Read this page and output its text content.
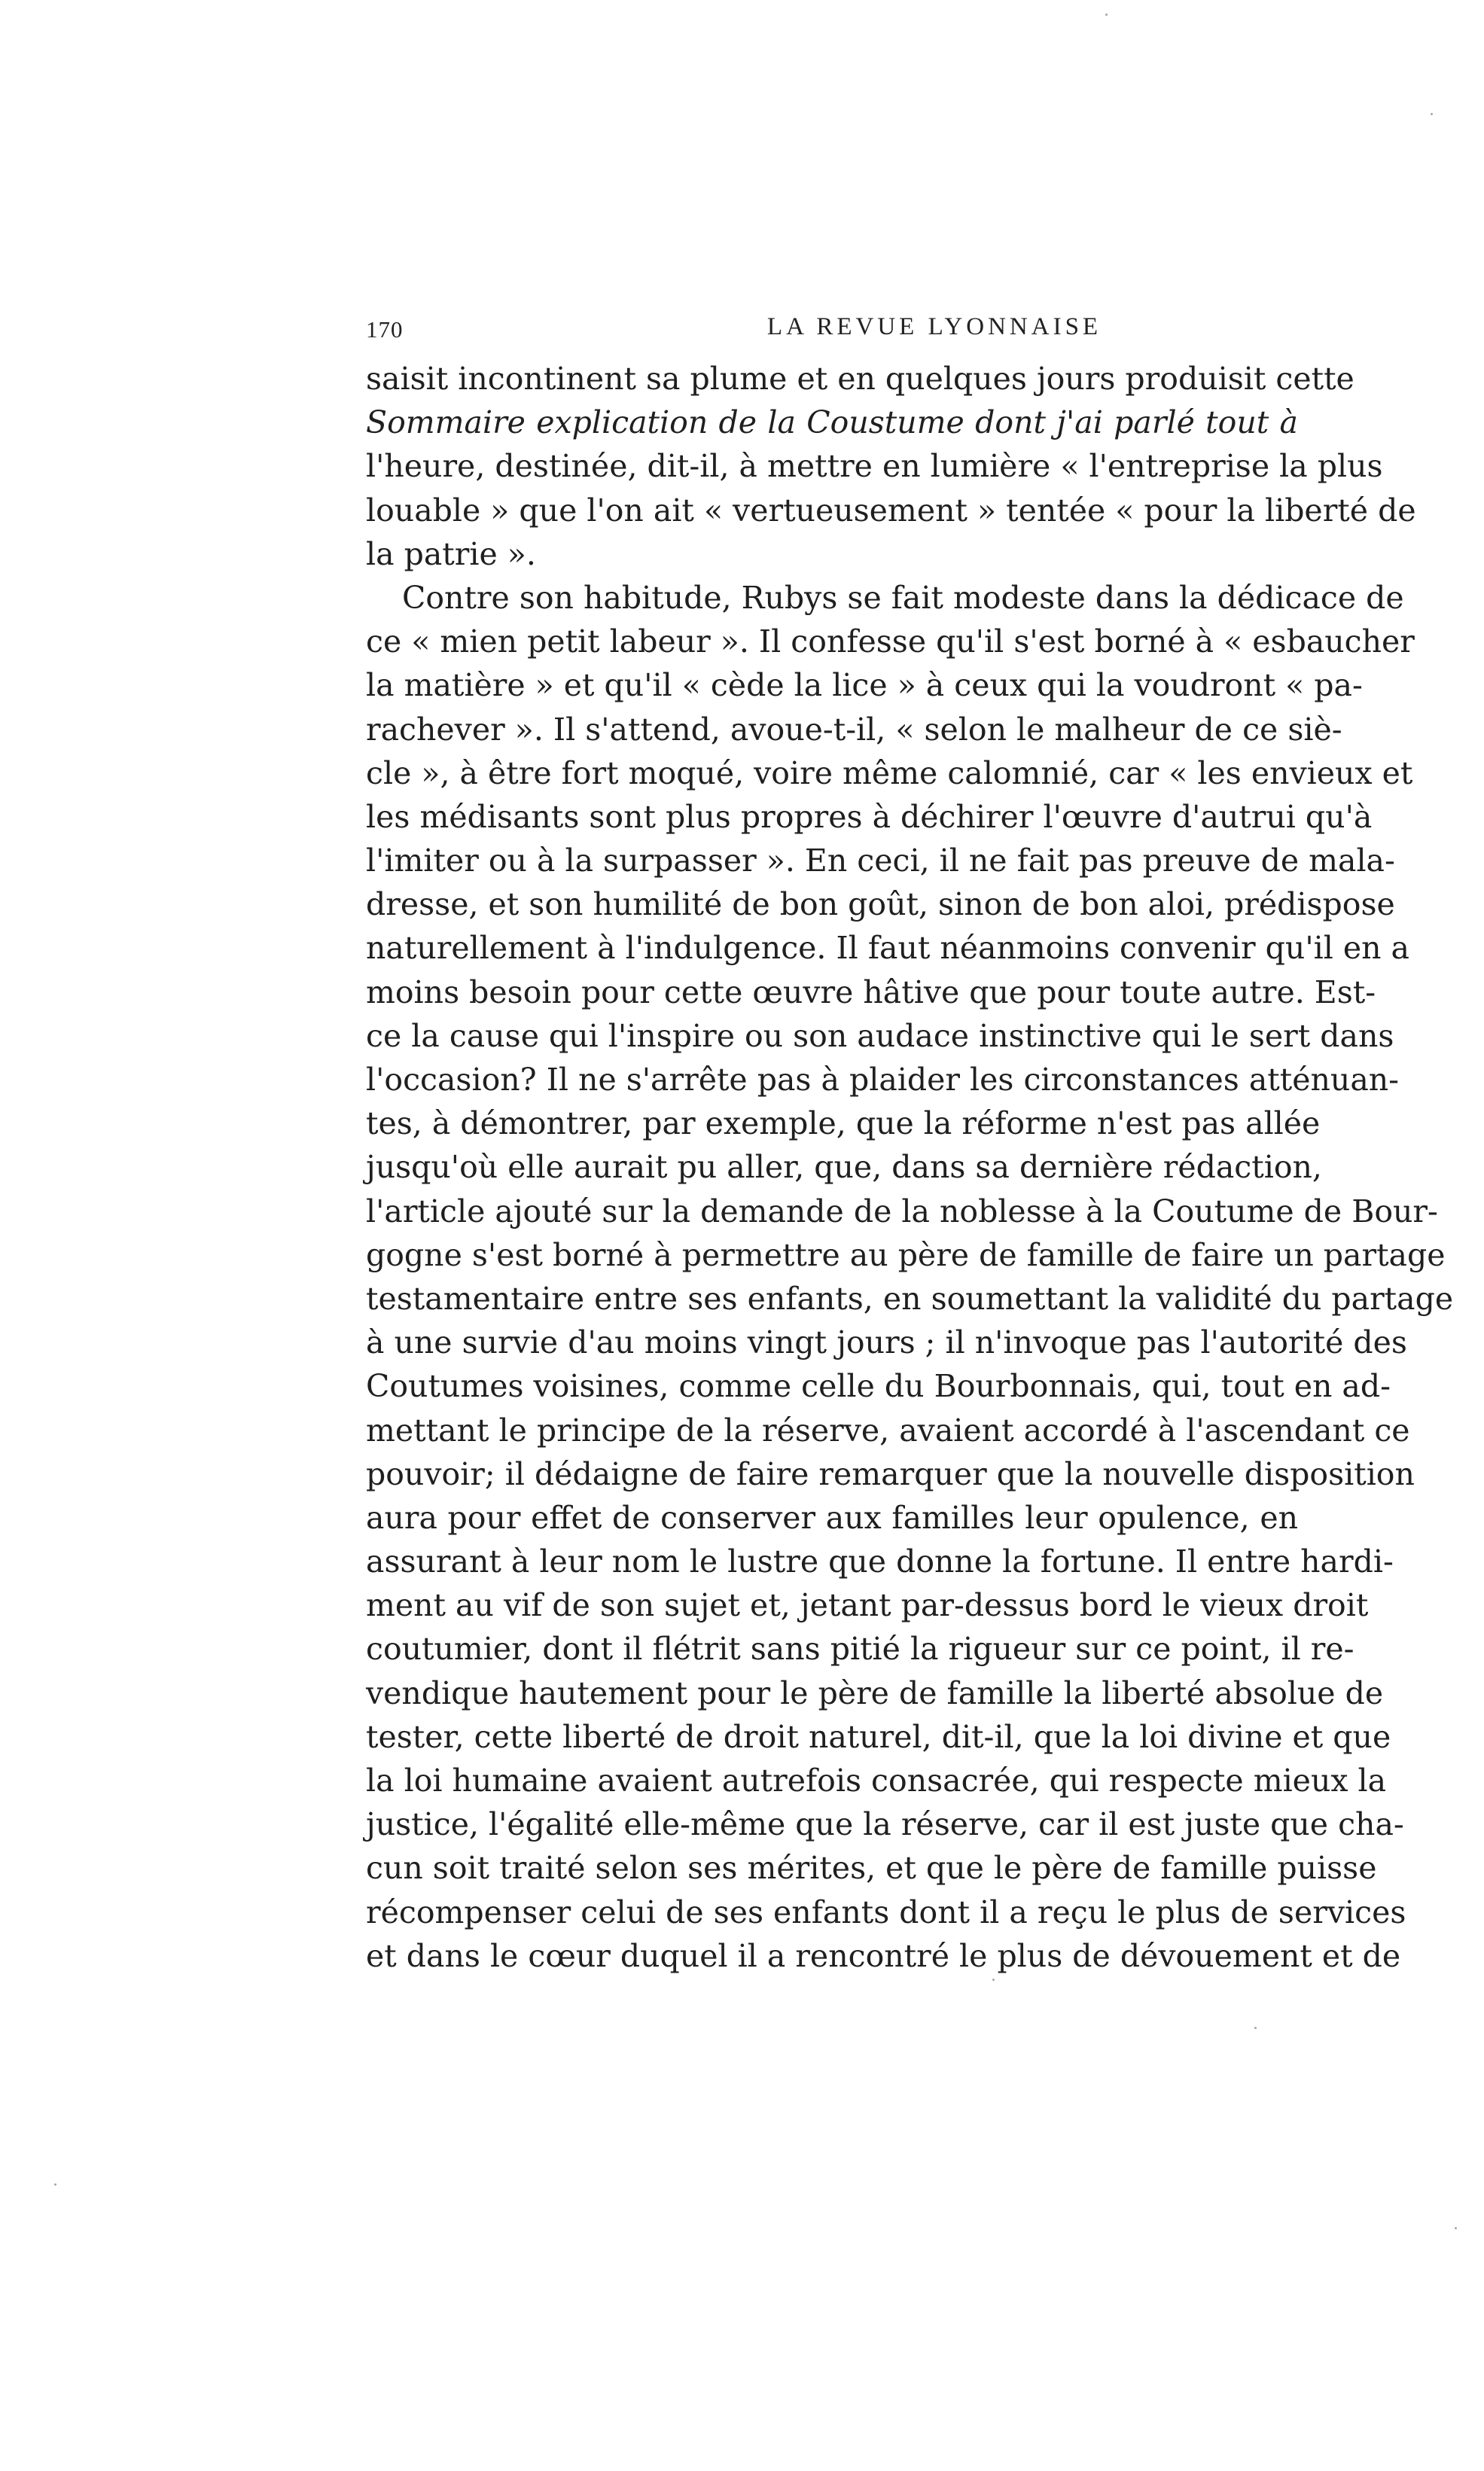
170	LA REVUE LYONNAISE
saisit incontinent sa plume et en quelques jours produisit cette
Sommaire explication de la Coustume dont j'ai parlé tout à
l'heure, destinée, dit-il, à mettre en lumière « l'entreprise la plus
louable » que l'on ait « vertueusement » tentée « pour la liberté de
la patrie ».
Contre son habitude, Rubys se fait modeste dans la dédicace de
ce « mien petit labeur ». Il confesse qu'il s'est borné à « esbaucher
la matière » et qu'il « cède la lice » à ceux qui la voudront « pa-
rachever ». Il s'attend, avoue-t-il, « selon le malheur de ce siè-
cle », à être fort moqué, voire même calomnié, car « les envieux et
les médisants sont plus propres à déchirer l'œuvre d'autrui qu'à
l'imiter ou à la surpasser ». En ceci, il ne fait pas preuve de mala-
dresse, et son humilité de bon goût, sinon de bon aloi, prédispose
naturellement à l'indulgence. Il faut néanmoins convenir qu'il en a
moins besoin pour cette œuvre hâtive que pour toute autre. Est-
ce la cause qui l'inspire ou son audace instinctive qui le sert dans
l'occasion? Il ne s'arrête pas à plaider les circonstances atténuan-
tes, à démontrer, par exemple, que la réforme n'est pas allée
jusqu'où elle aurait pu aller, que, dans sa dernière rédaction,
l'article ajouté sur la demande de la noblesse à la Coutume de Bour-
gogne s'est borné à permettre au père de famille de faire un partage
testamentaire entre ses enfants, en soumettant la validité du partage
à une survie d'au moins vingt jours ; il n'invoque pas l'autorité des
Coutumes voisines, comme celle du Bourbonnais, qui, tout en ad-
mettant le principe de la réserve, avaient accordé à l'ascendant ce
pouvoir; il dédaigne de faire remarquer que la nouvelle disposition
aura pour effet de conserver aux familles leur opulence, en
assurant à leur nom le lustre que donne la fortune. Il entre hardi-
ment au vif de son sujet et, jetant par-dessus bord le vieux droit
coutumier, dont il flétrit sans pitié la rigueur sur ce point, il re-
vendique hautement pour le père de famille la liberté absolue de
tester, cette liberté de droit naturel, dit-il, que la loi divine et que
la loi humaine avaient autrefois consacrée, qui respecte mieux la
justice, l'égalité elle-même que la réserve, car il est juste que cha-
cun soit traité selon ses mérites, et que le père de famille puisse
récompenser celui de ses enfants dont il a reçu le plus de services
et dans le cœur duquel il a rencontré le plus de dévouement et de
